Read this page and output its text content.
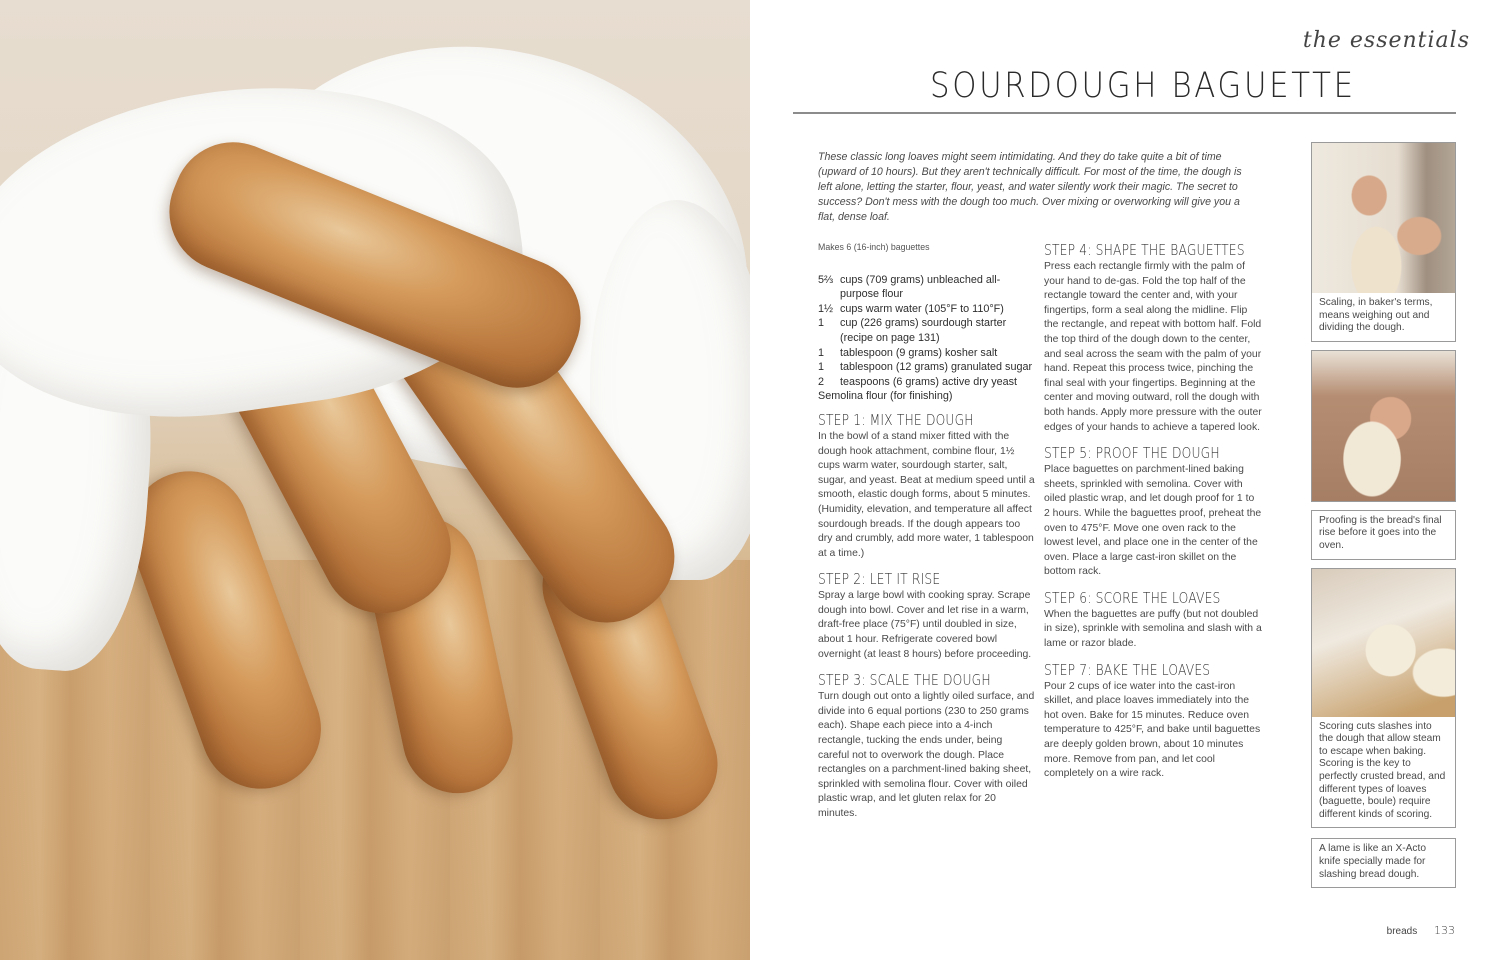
the essentials
SOURDOUGH BAGUETTE

These classic long loaves might seem intimidating. And they do take quite a bit of time (upward of 10 hours). But they aren't technically difficult. For most of the time, the dough is left alone, letting the starter, flour, yeast, and water silently work their magic. The secret to success? Don't mess with the dough too much. Over mixing or overworking will give you a flat, dense loaf.

Makes 6 (16-inch) baguettes
5⅔ cups (709 grams) unbleached all-purpose flour
1½ cups warm water (105°F to 110°F)
1	cup (226 grams) sourdough starter (recipe on page 131)
1	tablespoon (9 grams) kosher salt
1	tablespoon (12 grams) granulated sugar
2	teaspoons (6 grams) active dry yeast
Semolina flour (for finishing)
STEP 1: MIX THE DOUGH
In the bowl of a stand mixer fitted with the dough hook attachment, combine flour, 1½ cups warm water, sourdough starter, salt, sugar, and yeast. Beat at medium speed until a smooth, elastic dough forms, about 5 minutes. (Humidity, elevation, and temperature all affect sourdough breads. If the dough appears too dry and crumbly, add more water, 1 tablespoon at a time.)
STEP 2: LET IT RISE
Spray a large bowl with cooking spray. Scrape dough into bowl. Cover and let rise in a warm, draft-free place (75°F) until doubled in size, about 1 hour. Refrigerate covered bowl overnight (at least 8 hours) before proceeding.
STEP 3: SCALE THE DOUGH
Turn dough out onto a lightly oiled surface, and divide into 6 equal portions (230 to 250 grams each). Shape each piece into a 4-inch rectangle, tucking the ends under, being careful not to overwork the dough. Place rectangles on a parchment-lined baking sheet, sprinkled with semolina flour. Cover with oiled plastic wrap, and let gluten relax for 20 minutes.
STEP 4: SHAPE THE BAGUETTES
Press each rectangle firmly with the palm of your hand to de-gas. Fold the top half of the rectangle toward the center and, with your fingertips, form a seal along the midline. Flip the rectangle, and repeat with bottom half. Fold the top third of the dough down to the center, and seal across the seam with the palm of your hand. Repeat this process twice, pinching the final seal with your fingertips. Beginning at the center and moving outward, roll the dough with both hands. Apply more pressure with the outer edges of your hands to achieve a tapered look.
STEP 5: PROOF THE DOUGH
Place baguettes on parchment-lined baking sheets, sprinkled with semolina. Cover with oiled plastic wrap, and let dough proof for 1 to 2 hours. While the baguettes proof, preheat the oven to 475°F. Move one oven rack to the lowest level, and place one in the center of the oven. Place a large cast-iron skillet on the bottom rack.
STEP 6: SCORE THE LOAVES
When the baguettes are puffy (but not doubled in size), sprinkle with semolina and slash with a lame or razor blade.
STEP 7: BAKE THE LOAVES
Pour 2 cups of ice water into the cast-iron skillet, and place loaves immediately into the hot oven. Bake for 15 minutes. Reduce oven temperature to 425°F, and bake until baguettes are deeply golden brown, about 10 minutes more. Remove from pan, and let cool completely on a wire rack.
Scaling, in baker's terms, means weighing out and dividing the dough.
Proofing is the bread's final rise before it goes into the oven.
Scoring cuts slashes into the dough that allow steam to escape when baking. Scoring is the key to perfectly crusted bread, and different types of loaves (baguette, boule) require different kinds of scoring.
A lame is like an X-Acto knife specially made for slashing bread dough.
breads 133
